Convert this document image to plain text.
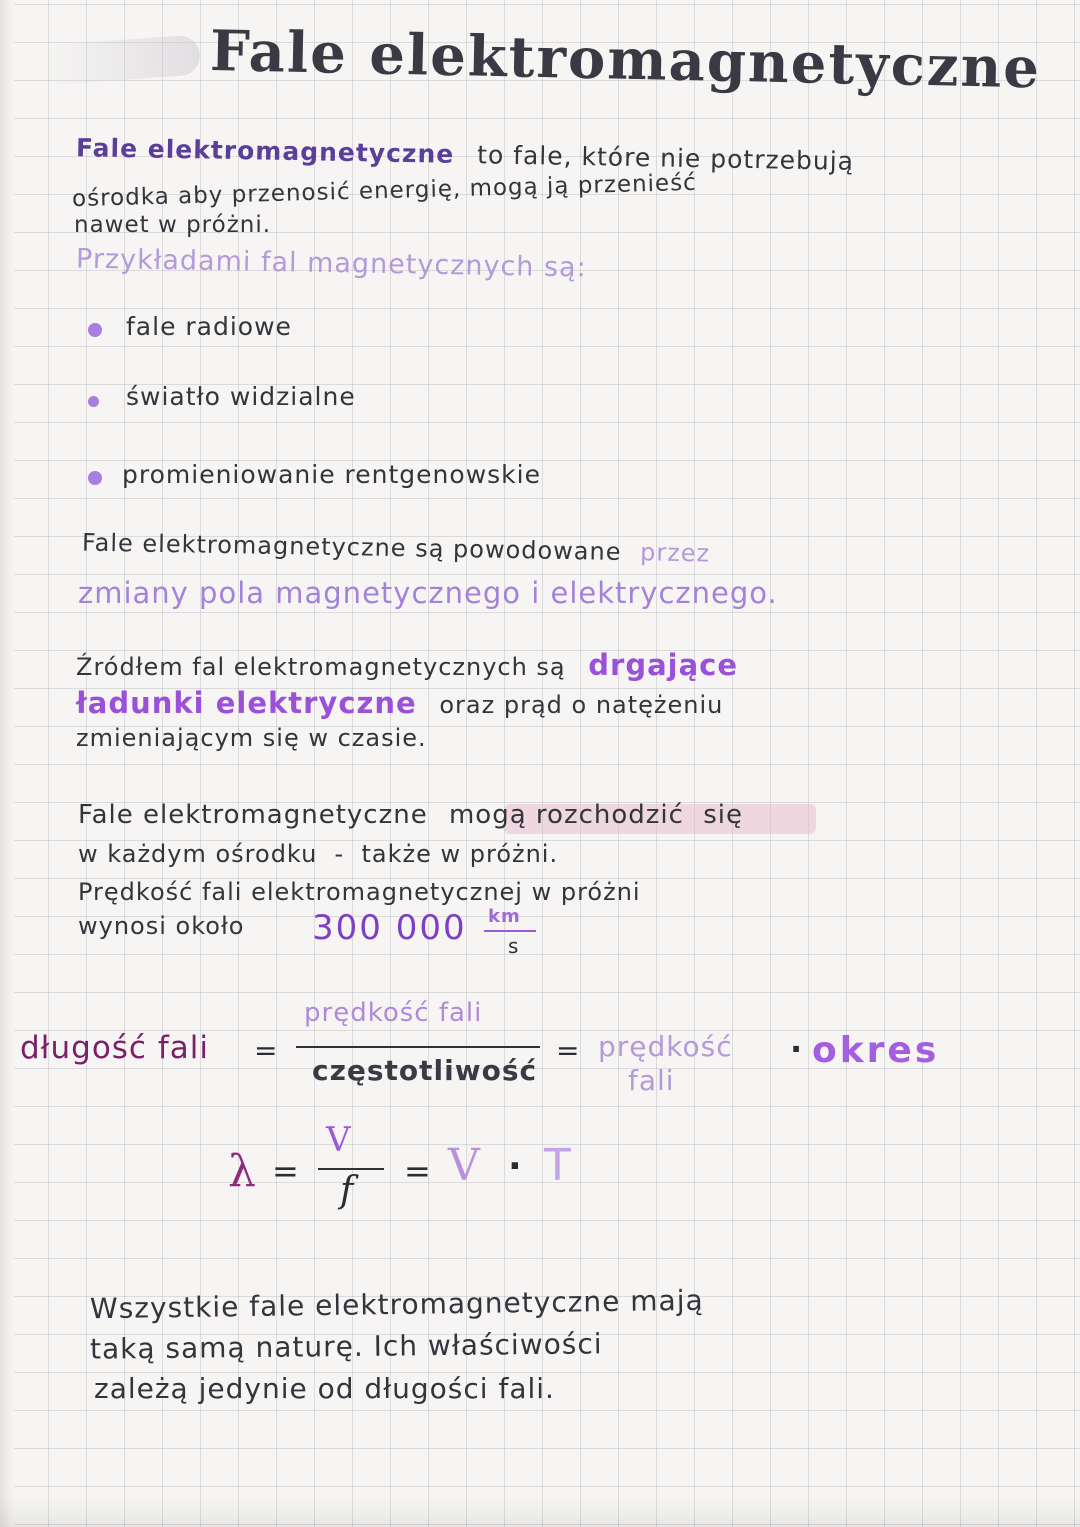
Fale elektromagnetyczne
Fale elektromagnetyczne to fale, które nie potrzebują
ośrodka aby przenosić energię, mogą ją przenieść
nawet w próżni.
Przykładami fal magnetycznych są:
fale radiowe
światło widzialne
promieniowanie rentgenowskie
Fale elektromagnetyczne są powodowane przez
zmiany pola magnetycznego i elektrycznego.
Źródłem fal elektromagnetycznych są drgające
ładunki elektryczne oraz prąd o natężeniu
zmieniającym się w czasie.
Fale elektromagnetyczne mogą rozchodzić się
w każdym ośrodku  -  także w próżni.
Prędkość fali elektromagnetycznej w próżni
wynosi około 300 000 km
s
długość fali =
prędkość fali
częstotliwość
= prędkość
fali
· okres
λ =
V
f = V · T
Wszystkie fale elektromagnetyczne mają
taką samą naturę. Ich właściwości
zależą jedynie od długości fali.
